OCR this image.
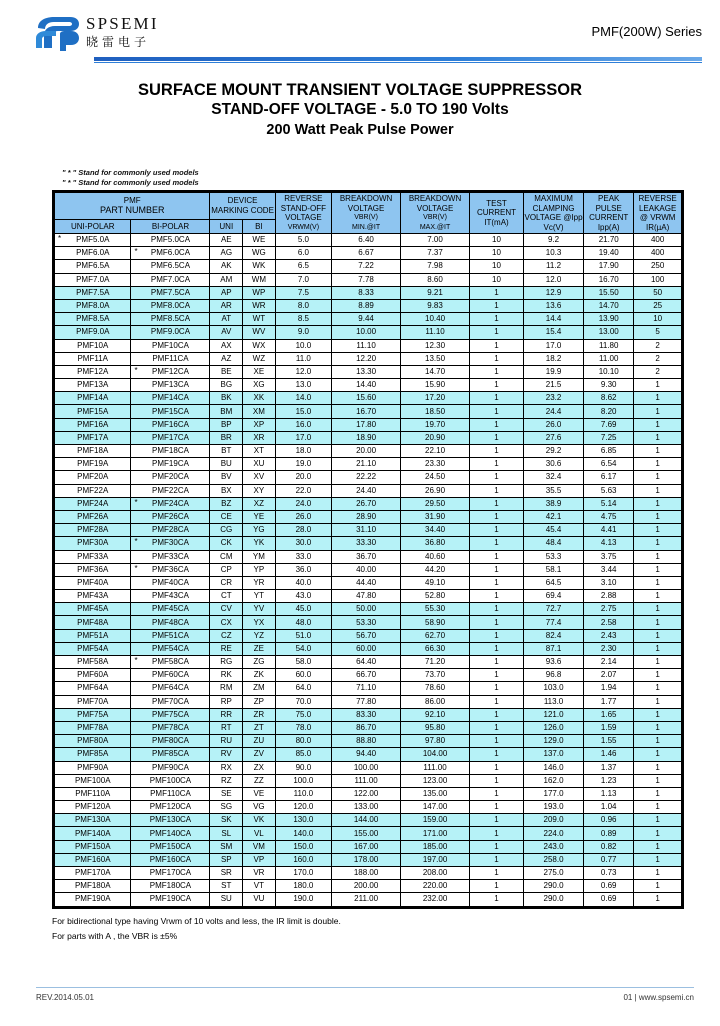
SPSEMI
晓雷电子
PMF(200W) Series
SURFACE MOUNT TRANSIENT VOLTAGE SUPPRESSOR
STAND-OFF VOLTAGE - 5.0 TO 190 Volts
200 Watt Peak Pulse Power
" * " Stand for commonly used models
" * " Stand for commonly used models
PMF
PART NUMBER		DEVICE MARKING CODE		REVERSE STAND-OFF VOLTAGE
VRWM(V)	BREAKDOWN VOLTAGE
VBR(V)
MIN.@IT	BREAKDOWN VOLTAGE
VBR(V)
MAX.@IT	TEST CURRENT IT(mA)	MAXIMUM CLAMPING VOLTAGE @Ipp Vc(V)	PEAK PULSE CURRENT Ipp(A)	REVERSE LEAKAGE @ VRWM IR(µA)

UNI-POLAR	BI-POLAR	UNI	BI							

* PMF5.0A	PMF5.0CA	AE	WE	5.0	6.40	7.00	10	9.2	21.70	400
PMF6.0A	* PMF6.0CA	AG	WG	6.0	6.67	7.37	10	10.3	19.40	400
PMF6.5A	PMF6.5CA	AK	WK	6.5	7.22	7.98	10	11.2	17.90	250
PMF7.0A	PMF7.0CA	AM	WM	7.0	7.78	8.60	10	12.0	16.70	100
PMF7.5A	PMF7.5CA	AP	WP	7.5	8.33	9.21	1	12.9	15.50	50
PMF8.0A	PMF8.0CA	AR	WR	8.0	8.89	9.83	1	13.6	14.70	25
PMF8.5A	PMF8.5CA	AT	WT	8.5	9.44	10.40	1	14.4	13.90	10
PMF9.0A	PMF9.0CA	AV	WV	9.0	10.00	11.10	1	15.4	13.00	5
PMF10A	PMF10CA	AX	WX	10.0	11.10	12.30	1	17.0	11.80	2
PMF11A	PMF11CA	AZ	WZ	11.0	12.20	13.50	1	18.2	11.00	2
PMF12A	* PMF12CA	BE	XE	12.0	13.30	14.70	1	19.9	10.10	2
PMF13A	PMF13CA	BG	XG	13.0	14.40	15.90	1	21.5	9.30	1
PMF14A	PMF14CA	BK	XK	14.0	15.60	17.20	1	23.2	8.62	1
PMF15A	PMF15CA	BM	XM	15.0	16.70	18.50	1	24.4	8.20	1
PMF16A	PMF16CA	BP	XP	16.0	17.80	19.70	1	26.0	7.69	1
PMF17A	PMF17CA	BR	XR	17.0	18.90	20.90	1	27.6	7.25	1
PMF18A	PMF18CA	BT	XT	18.0	20.00	22.10	1	29.2	6.85	1
PMF19A	PMF19CA	BU	XU	19.0	21.10	23.30	1	30.6	6.54	1
PMF20A	PMF20CA	BV	XV	20.0	22.22	24.50	1	32.4	6.17	1
PMF22A	PMF22CA	BX	XY	22.0	24.40	26.90	1	35.5	5.63	1
PMF24A	* PMF24CA	BZ	XZ	24.0	26.70	29.50	1	38.9	5.14	1
PMF26A	PMF26CA	CE	YE	26.0	28.90	31.90	1	42.1	4.75	1
PMF28A	PMF28CA	CG	YG	28.0	31.10	34.40	1	45.4	4.41	1
PMF30A	* PMF30CA	CK	YK	30.0	33.30	36.80	1	48.4	4.13	1
PMF33A	PMF33CA	CM	YM	33.0	36.70	40.60	1	53.3	3.75	1
PMF36A	* PMF36CA	CP	YP	36.0	40.00	44.20	1	58.1	3.44	1
PMF40A	PMF40CA	CR	YR	40.0	44.40	49.10	1	64.5	3.10	1
PMF43A	PMF43CA	CT	YT	43.0	47.80	52.80	1	69.4	2.88	1
PMF45A	PMF45CA	CV	YV	45.0	50.00	55.30	1	72.7	2.75	1
PMF48A	PMF48CA	CX	YX	48.0	53.30	58.90	1	77.4	2.58	1
PMF51A	PMF51CA	CZ	YZ	51.0	56.70	62.70	1	82.4	2.43	1
PMF54A	PMF54CA	RE	ZE	54.0	60.00	66.30	1	87.1	2.30	1
PMF58A	* PMF58CA	RG	ZG	58.0	64.40	71.20	1	93.6	2.14	1
PMF60A	PMF60CA	RK	ZK	60.0	66.70	73.70	1	96.8	2.07	1
PMF64A	PMF64CA	RM	ZM	64.0	71.10	78.60	1	103.0	1.94	1
PMF70A	PMF70CA	RP	ZP	70.0	77.80	86.00	1	113.0	1.77	1
PMF75A	PMF75CA	RR	ZR	75.0	83.30	92.10	1	121.0	1.65	1
PMF78A	PMF78CA	RT	ZT	78.0	86.70	95.80	1	126.0	1.59	1
PMF80A	PMF80CA	RU	ZU	80.0	88.80	97.80	1	129.0	1.55	1
PMF85A	PMF85CA	RV	ZV	85.0	94.40	104.00	1	137.0	1.46	1
PMF90A	PMF90CA	RX	ZX	90.0	100.00	111.00	1	146.0	1.37	1
PMF100A	PMF100CA	RZ	ZZ	100.0	111.00	123.00	1	162.0	1.23	1
PMF110A	PMF110CA	SE	VE	110.0	122.00	135.00	1	177.0	1.13	1
PMF120A	PMF120CA	SG	VG	120.0	133.00	147.00	1	193.0	1.04	1
PMF130A	PMF130CA	SK	VK	130.0	144.00	159.00	1	209.0	0.96	1
PMF140A	PMF140CA	SL	VL	140.0	155.00	171.00	1	224.0	0.89	1
PMF150A	PMF150CA	SM	VM	150.0	167.00	185.00	1	243.0	0.82	1
PMF160A	PMF160CA	SP	VP	160.0	178.00	197.00	1	258.0	0.77	1
PMF170A	PMF170CA	SR	VR	170.0	188.00	208.00	1	275.0	0.73	1
PMF180A	PMF180CA	ST	VT	180.0	200.00	220.00	1	290.0	0.69	1
PMF190A	PMF190CA	SU	VU	190.0	211.00	232.00	1	290.0	0.69	1
For bidirectional type having Vrwm of 10 volts and less, the IR limit is double.
For parts with A , the VBR is ±5%
REV.2014.05.01	01 | www.spsemi.cn
